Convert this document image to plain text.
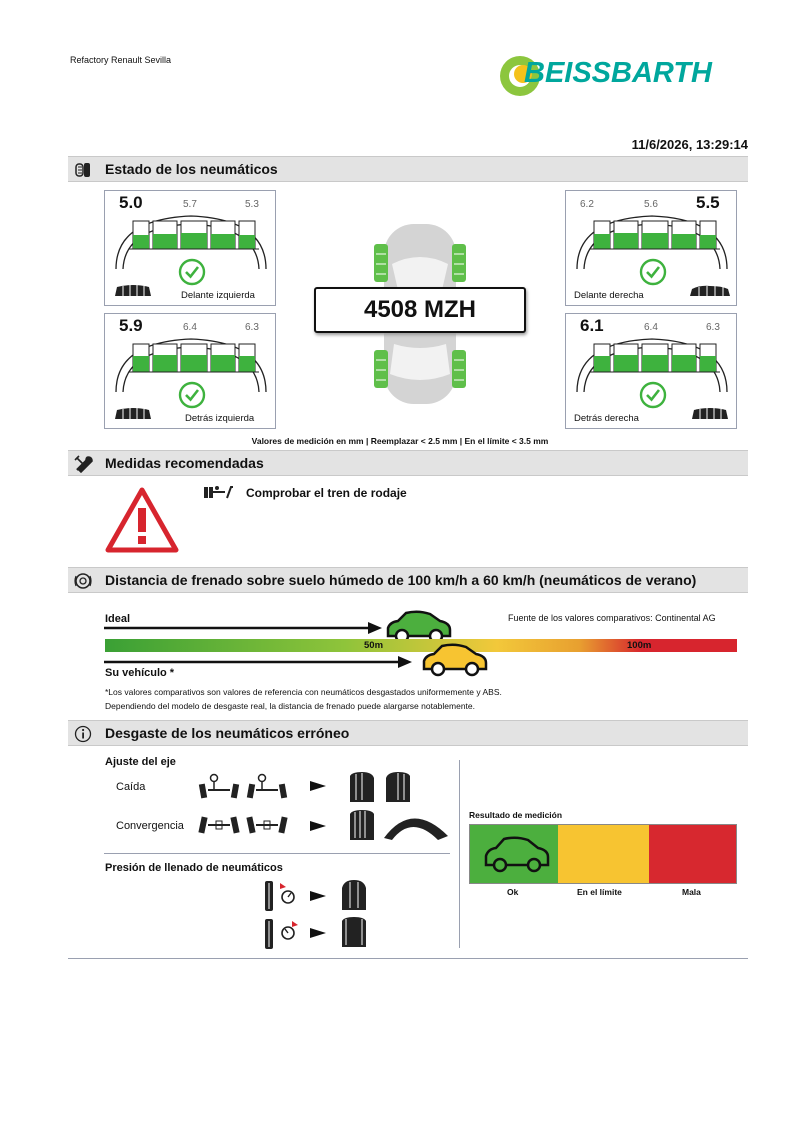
Refactory Renault Sevilla	BEISSBARTH
11/6/2026, 13:29:14
Estado de los neumáticos
5.0	5.7	5.3
Delante izquierda
6.2	5.6 5.5
Delante derecha
5.9	6.4	6.3
Detrás izquierda
6.1	6.4	6.3
Detrás derecha
4508 MZH
Valores de medición en mm | Reemplazar < 2.5 mm | En el límite < 3.5 mm
Medidas recomendadas
Comprobar el tren de rodaje
Distancia de frenado sobre suelo húmedo de 100 km/h a 60 km/h (neumáticos de verano)
Ideal	Fuente de los valores comparativos: Continental AG
50m	100m
Su vehículo *
*Los valores comparativos son valores de referencia con neumáticos desgastados uniformemente y ABS.
Dependiendo del modelo de desgaste real, la distancia de frenado puede alargarse notablemente.
Desgaste de los neumáticos erróneo
Ajuste del eje
Caída
Convergencia
Presión de llenado de neumáticos
Resultado de medición
Ok	En el límite	Mala
